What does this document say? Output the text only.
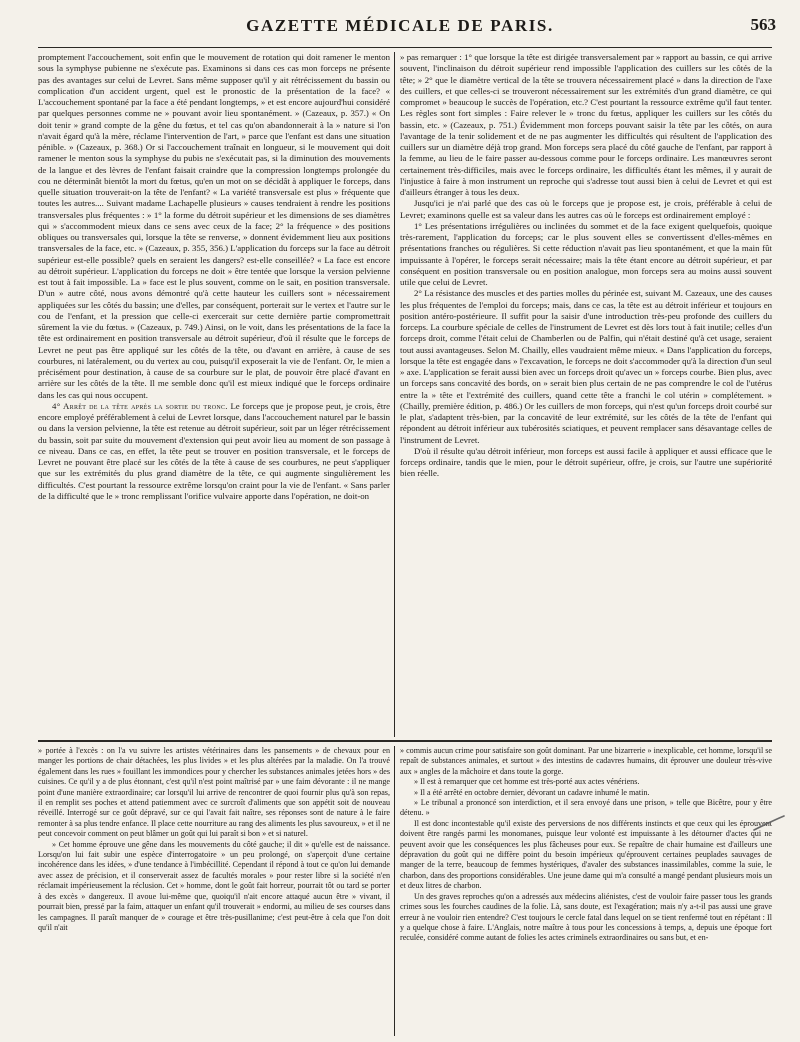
GAZETTE MÉDICALE DE PARIS.	563

promptement l'accouchement, soit enfin que le mouvement de rotation qui doit ramener le menton sous la symphyse pubienne ne s'exécute pas. Examinons si dans ces cas mon forceps ne présente pas des avantages sur celui de Levret. Sans même supposer qu'il y ait rétrécissement du bassin ou complication d'un accident urgent, quel est le pronostic de la présentation de la face? « L'accouchement spontané par la face a été pendant longtemps, » et est encore aujourd'hui considéré par quelques personnes comme ne » pouvant avoir lieu spontanément. » (Cazeaux, p. 357.) « On doit tenir » grand compte de la gêne du fœtus, et tel cas qu'on abandonnerait à la » nature si l'on n'avait égard qu'à la mère, réclame l'intervention de l'art, » parce que l'enfant est dans une situation pénible. » (Cazeaux, p. 368.) Or si l'accouchement traînait en longueur, si le mouvement qui doit ramener le menton sous la symphyse du pubis ne s'exécutait pas, si la diminution des mouvements de la langue et des lèvres de l'enfant faisait craindre que la compression longtemps prolongée du cou ne déterminât bientôt la mort du fœtus, qu'en un mot on se décidât à appliquer le forceps, dans quelle situation trouverait-on la tête de l'enfant? « La variété transversale est plus » fréquente que toutes les autres.... Suivant madame Lachapelle plusieurs » causes tendraient à rendre les positions transversales plus fréquentes : » 1° la forme du détroit supérieur et les dimensions de ses diamètres qui » s'accommodent mieux dans ce sens avec ceux de la face; 2° la fréquence » des positions obliques ou transversales qui, lorsque la tête se renverse, » donnent évidemment lieu aux positions transversales de la face, etc. » (Cazeaux, p. 355, 356.) L'application du forceps sur la face au détroit supérieur est-elle possible? quels en seraient les dangers? est-elle conseillée? « La face est encore au détroit supérieur. L'application du forceps ne doit » être tentée que lorsque la version pelvienne est tout à fait impossible. La » face est le plus souvent, comme on le sait, en position transversale. D'un » autre côté, nous avons démontré qu'à cette hauteur les cuillers sont » nécessairement appliquées sur les côtés du bassin; une d'elles, par conséquent, porterait sur le vertex et l'autre sur le cou de l'enfant, et la pression que celle-ci exercerait sur cette dernière partie compromettrait sûrement la vie du fœtus. » (Cazeaux, p. 749.) Ainsi, on le voit, dans les présentations de la face la tête est ordinairement en position transversale au détroit supérieur, d'où il résulte que le forceps de Levret ne peut pas être appliqué sur les côtés de la tête, ou d'avant en arrière, à cause de ses courbures, ni latéralement, ou du vertex au cou, puisqu'il exposerait la vie de l'enfant. Or, le mien a précisément pour destination, à cause de sa courbure sur le plat, de pouvoir être placé d'avant en arrière sur les côtés de la tête. Il me semble donc qu'il est mieux indiqué que le forceps ordinaire dans les cas qui nous occupent.

4° Arrêt de la tête après la sortie du tronc. Le forceps que je propose peut, je crois, être encore employé préférablement à celui de Levret lorsque, dans l'accouchement naturel par le bassin ou dans la version pelvienne, la tête est retenue au détroit supérieur, soit par un léger rétrécissement du bassin, soit par suite du mouvement d'extension qui peut avoir lieu au moment de son passage à ce niveau. Dans ce cas, en effet, la tête peut se trouver en position transversale, et le forceps de Levret ne pouvant être placé sur les côtés de la tête à cause de ses courbures, ne peut s'appliquer que sur les extrémités du plus grand diamètre de la tête, ce qui augmente singulièrement les difficultés. C'est pourtant la ressource extrême lorsqu'on craint pour la vie de l'enfant. « Sans parler de la difficulté que le » tronc remplissant l'orifice vulvaire apporte dans l'opération, ne doit-on

» pas remarquer : 1° que lorsque la tête est dirigée transversalement par » rapport au bassin, ce qui arrive souvent, l'inclinaison du détroit supérieur rend impossible l'application des cuillers sur les côtés de la tête; » 2° que le diamètre vertical de la tête se trouvera nécessairement placé » dans la direction de l'axe des cuillers, et que celles-ci se trouveront nécessairement sur les extrémités d'un grand diamètre, ce qui compromet » beaucoup le succès de l'opération, etc.? C'est pourtant la ressource extrême qu'il faut tenter. Les règles sont fort simples : Faire relever le » tronc du fœtus, appliquer les cuillers sur les côtés du bassin, etc. » (Cazeaux, p. 751.) Évidemment mon forceps pouvant saisir la tête par les côtés, on aura l'avantage de la tenir solidement et de ne pas augmenter les difficultés qui résultent de l'application des cuillers sur un diamètre déjà trop grand. Mon forceps sera placé du côté gauche de l'enfant, par rapport à la femme, au lieu de le faire passer au-dessous comme pour le forceps ordinaire. Les manœuvres seront certainement très-difficiles, mais avec le forceps ordinaire, les difficultés étant les mêmes, il y aurait de l'injustice à faire à mon instrument un reproche qui s'adresse tout aussi bien à celui de Levret et qui est d'ailleurs étranger à tous les deux.

Jusqu'ici je n'ai parlé que des cas où le forceps que je propose est, je crois, préférable à celui de Levret; examinons quelle est sa valeur dans les autres cas où le forceps est ordinairement employé :

1° Les présentations irrégulières ou inclinées du sommet et de la face exigent quelquefois, quoique très-rarement, l'application du forceps; car le plus souvent elles se convertissent d'elles-mêmes en présentations franches ou régulières. Si cette réduction n'avait pas lieu spontanément, et que la main fût impuissante à l'opérer, le forceps serait nécessaire; mais la tête étant encore au détroit supérieur, et par conséquent en position transversale ou en position analogue, mon forceps sera au moins aussi souvent utile que celui de Levret.

2° La résistance des muscles et des parties molles du périnée est, suivant M. Cazeaux, une des causes les plus fréquentes de l'emploi du forceps; mais, dans ce cas, la tête est au détroit inférieur et toujours en position antéro-postérieure. Il suffit pour la saisir d'une introduction très-peu profonde des cuillers du forceps. La courbure spéciale de celles de l'instrument de Levret est dès lors tout à fait inutile; celles d'un forceps droit, comme l'était celui de Chamberlen ou de Palfin, qui n'était destiné qu'à cet usage, seraient tout aussi avantageuses. Selon M. Chailly, elles vaudraient même mieux. « Dans l'application du forceps, lorsque la tête est engagée dans » l'excavation, le forceps ne doit s'accommoder qu'à la direction d'un seul » axe. L'application se ferait aussi bien avec un forceps droit qu'avec un » forceps courbe. Bien plus, avec un forceps sans concavité des bords, on » serait bien plus certain de ne pas comprendre le col de l'utérus entre la » tête et l'extrémité des cuillers, quand cette tête a franchi le col utérin » complétement. » (Chailly, première édition, p. 486.) Or les cuillers de mon forceps, qui n'est qu'un forceps droit courbé sur le plat, s'adaptent très-bien, par la concavité de leur extrémité, sur les côtés de la tête de l'enfant qui répondent au détroit inférieur aux tubérosités sciatiques, et peuvent remplacer sans désavantage celles de l'instrument de Levret.

D'où il résulte qu'au détroit inférieur, mon forceps est aussi facile à appliquer et aussi efficace que le forceps ordinaire, tandis que le mien, pour le détroit supérieur, offre, je crois, sur l'autre une supériorité bien réelle.

» portée à l'excès : on l'a vu suivre les artistes vétérinaires dans les pansements » de chevaux pour en manger les portions de chair détachées, les plus livides » et les plus altérées par la maladie. On l'a trouvé également dans les rues » fouillant les immondices pour y chercher les substances animales jetées hors » des cuisines. Ce qu'il y a de plus étonnant, c'est qu'il n'est point maîtrisé par » une faim dévorante : il ne mange point d'une manière extraordinaire; car lorsqu'il lui arrive de rencontrer de quoi fournir plus qu'à son repas, il en remplit ses poches et attend patiemment avec ce surcroît d'aliments que son appétit soit de nouveau réveillé. Interrogé sur ce goût dépravé, sur ce qui l'avait fait naître, ses réponses sont de nature à le faire remonter à sa plus tendre enfance. Il place cette nourriture au rang des aliments les plus savoureux, » et il ne peut concevoir comment on peut blâmer un goût qui lui paraît si bon » et si naturel.

» Cet homme éprouve une gêne dans les mouvements du côté gauche; il dit » qu'elle est de naissance. Lorsqu'on lui fait subir une espèce d'interrogatoire » un peu prolongé, on s'aperçoit d'une certaine incohérence dans les idées, » d'une tendance à l'imbécillité. Cependant il répond à tout ce qu'on lui demande avec assez de précision, et il conserverait assez de facultés morales » pour rester libre si la société n'en réclamait impérieusement la réclusion. Cet » homme, dont le goût fait horreur, pourrait tôt ou tard se porter à des excès » dangereux. Il avoue lui-même que, quoiqu'il n'ait encore attaqué aucun être » vivant, il pourrait bien, pressé par la faim, attaquer un enfant qu'il trouverait » endormi, au milieu de ses courses dans les campagnes. Il paraît manquer de » courage et être très-pusillanime; c'est peut-être à cela que l'on doit qu'il n'ait

» commis aucun crime pour satisfaire son goût dominant. Par une bizarrerie » inexplicable, cet homme, lorsqu'il se repaît de substances animales, et surtout » des intestins de cadavres humains, dit éprouver une douleur très-vive aux » angles de la mâchoire et dans toute la gorge.

» Il est à remarquer que cet homme est très-porté aux actes vénériens.

» Il a été arrêté en octobre dernier, dévorant un cadavre inhumé le matin.

» Le tribunal a prononcé son interdiction, et il sera envoyé dans une prison, » telle que Bicêtre, pour y être détenu. »

Il est donc incontestable qu'il existe des perversions de nos différents instincts et que ceux qui les éprouvent doivent être rangés parmi les monomanes, puisque leur volonté est impuissante à les détourner d'actes qui ne peuvent avoir que les conséquences les plus fâcheuses pour eux. Se repaître de chair humaine est d'ailleurs une dépravation du goût qui ne diffère point du besoin impérieux qu'éprouvent certaines peuplades sauvages de manger de la terre, beaucoup de femmes hystériques, d'avaler des substances inassimilables, comme la suie, le charbon, dans des proportions considérables. Une jeune dame qui m'a consulté a mangé pendant plusieurs mois un et deux litres de charbon.

Un des graves reproches qu'on a adressés aux médecins aliénistes, c'est de vouloir faire passer tous les grands crimes sous les fourches caudines de la folie. Là, sans doute, est l'exagération; mais n'y a-t-il pas aussi une grave erreur à ne vouloir rien entendre? C'est toujours le cercle fatal dans lequel on se tient renfermé tout en répétant : Il y a quelque chose à faire. L'Anglais, notre maître à tous pour les concessions à temps, a, depuis une époque fort reculée, considéré comme autant de folies les actes criminels extraordinaires ou sans but, et en-
